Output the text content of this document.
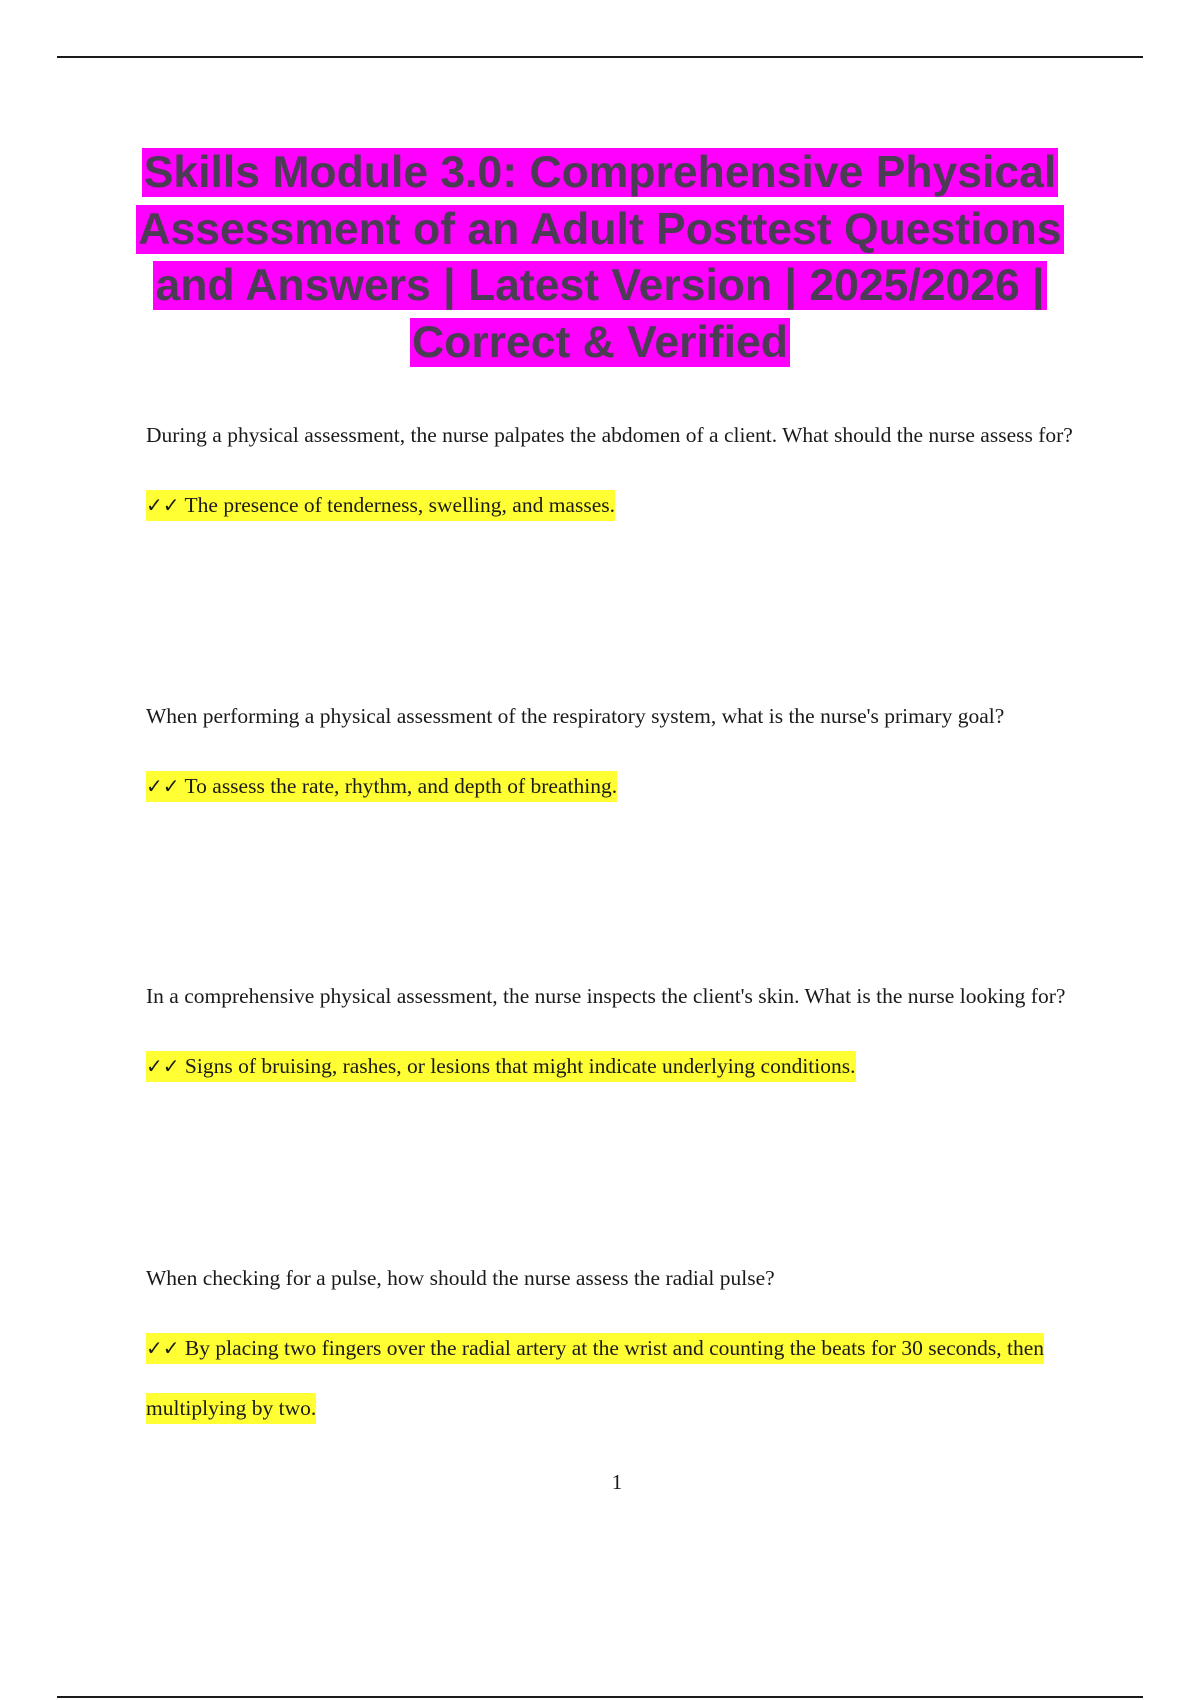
Skills Module 3.0: Comprehensive Physical Assessment of an Adult Posttest Questions and Answers | Latest Version | 2025/2026 | Correct & Verified

During a physical assessment, the nurse palpates the abdomen of a client. What should the nurse assess for?

✓✓ The presence of tenderness, swelling, and masses.

When performing a physical assessment of the respiratory system, what is the nurse's primary goal?

✓✓ To assess the rate, rhythm, and depth of breathing.

In a comprehensive physical assessment, the nurse inspects the client's skin. What is the nurse looking for?

✓✓ Signs of bruising, rashes, or lesions that might indicate underlying conditions.

When checking for a pulse, how should the nurse assess the radial pulse?

✓✓ By placing two fingers over the radial artery at the wrist and counting the beats for 30 seconds, then multiplying by two.

1
